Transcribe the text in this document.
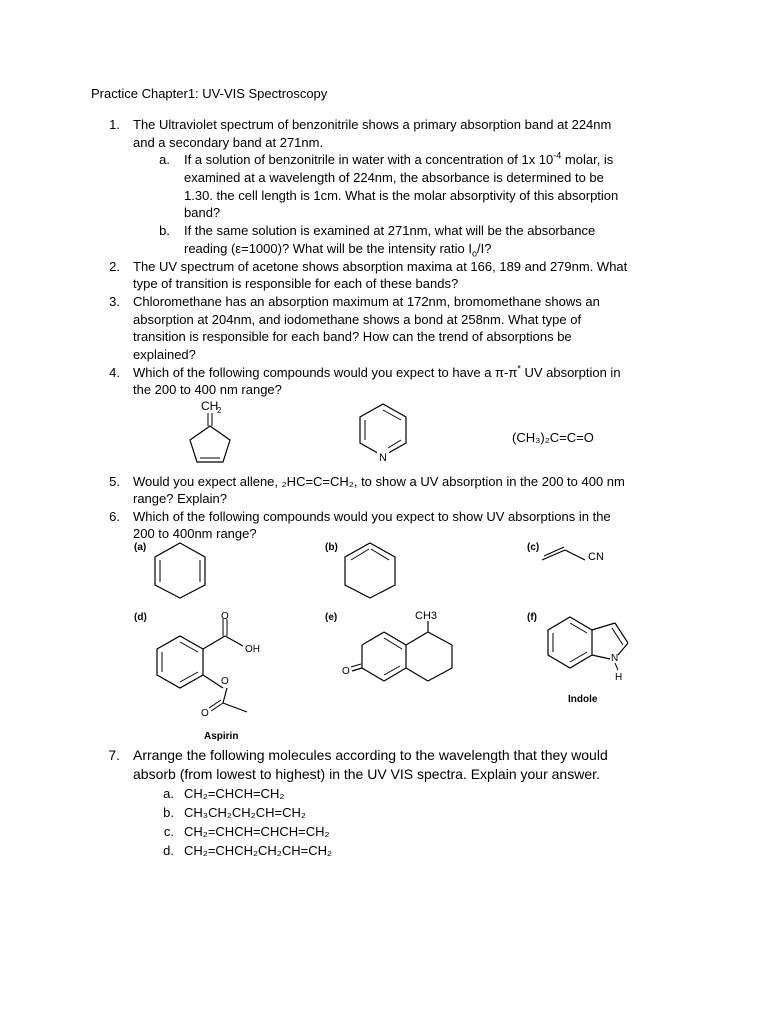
Practice Chapter1: UV-VIS Spectroscopy
1. The Ultraviolet spectrum of benzonitrile shows a primary absorption band at 224nm
and a secondary band at 271nm.
a. If a solution of benzonitrile in water with a concentration of 1x $10^{-4}$ molar, is
examined at a wavelength of 224nm, the absorbance is determined to be
1.30. the cell length is 1cm. What is the molar absorptivity of this absorption
band?
b. If the same solution is examined at 271nm, what will be the absorbance
reading (ε=1000)? What will be the intensity ratio $I_o/I$?
2. The UV spectrum of acetone shows absorption maxima at 166, 189 and 279nm. What
type of transition is responsible for each of these bands?
3. Chloromethane has an absorption maximum at 172nm, bromomethane shows an
absorption at 204nm, and iodomethane shows a bond at 258nm. What type of
transition is responsible for each band? How can the trend of absorptions be
explained?
4. Which of the following compounds would you expect to have a π-π* UV absorption in
the 200 to 400 nm range?
CH
2
N
(CH₃)₂C=C=O
5. Would you expect allene, ₂HC=C=CH₂, to show a UV absorption in the 200 to 400 nm
range? Explain?
6. Which of the following compounds would you expect to show UV absorptions in the
200 to 400nm range?
(a)	(b)	(c)
CN
(d)	O
OH
O
O
Aspirin
(e)	CH3
O
(f)
N
H
Indole
7. Arrange the following molecules according to the wavelength that they would
absorb (from lowest to highest) in the UV VIS spectra. Explain your answer.
a. CH₂=CHCH=CH₂
b. CH₃CH₂CH₂CH=CH₂
c. CH₂=CHCH=CHCH=CH₂
d. CH₂=CHCH₂CH₂CH=CH₂
